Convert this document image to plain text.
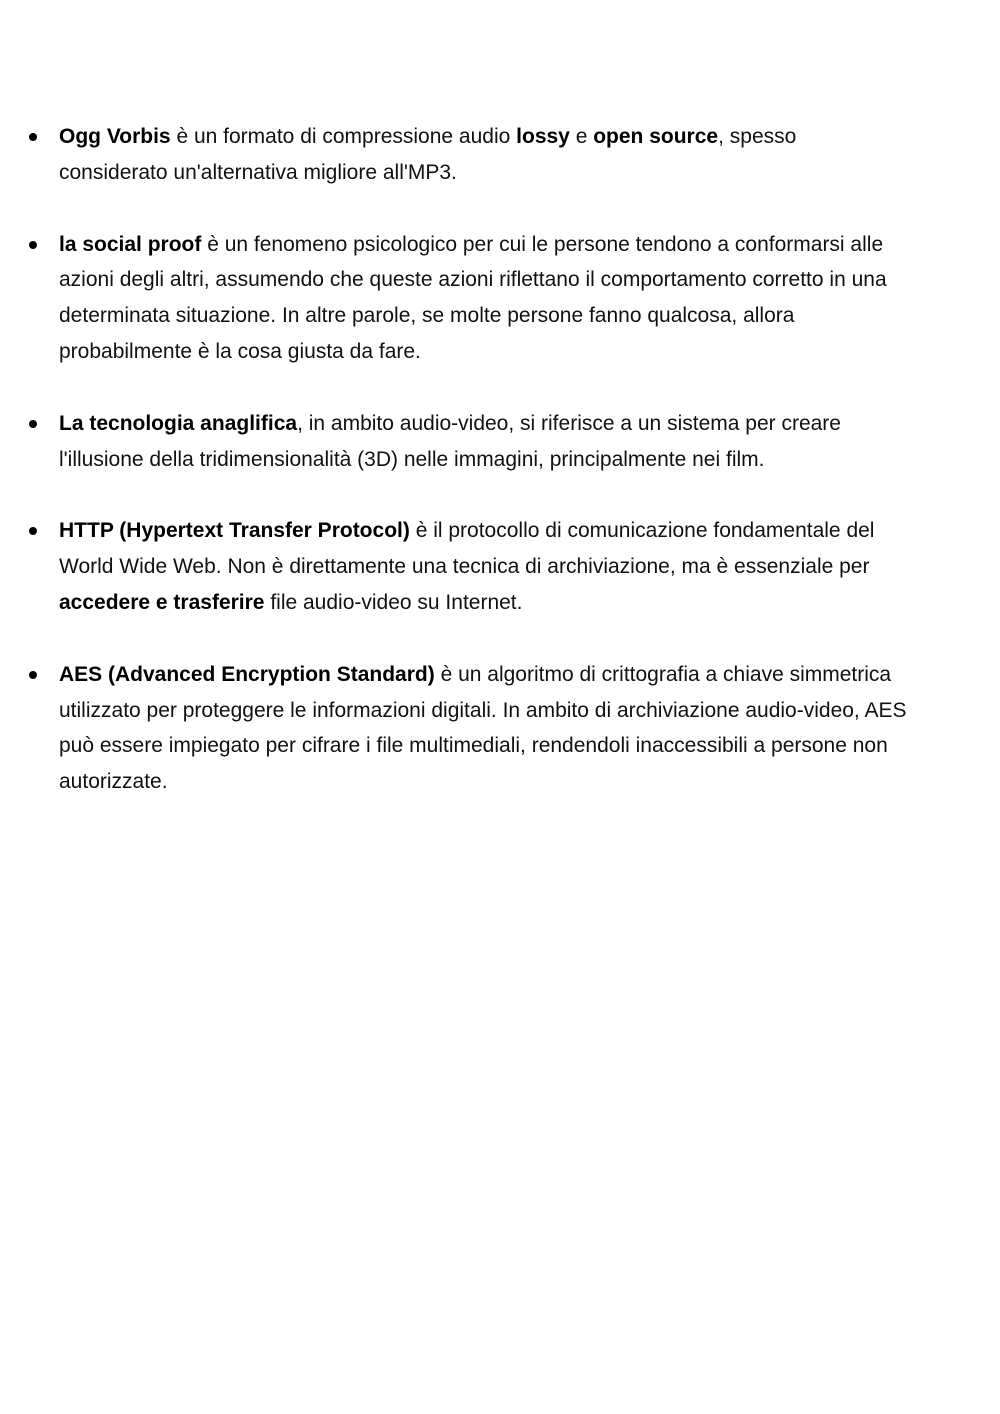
Ogg Vorbis è un formato di compressione audio lossy e open source, spesso considerato un'alternativa migliore all'MP3.
la social proof è un fenomeno psicologico per cui le persone tendono a conformarsi alle azioni degli altri, assumendo che queste azioni riflettano il comportamento corretto in una determinata situazione. In altre parole, se molte persone fanno qualcosa, allora probabilmente è la cosa giusta da fare.
La tecnologia anaglifica, in ambito audio-video, si riferisce a un sistema per creare l'illusione della tridimensionalità (3D) nelle immagini, principalmente nei film.
HTTP (Hypertext Transfer Protocol) è il protocollo di comunicazione fondamentale del World Wide Web. Non è direttamente una tecnica di archiviazione, ma è essenziale per accedere e trasferire file audio-video su Internet.
AES (Advanced Encryption Standard) è un algoritmo di crittografia a chiave simmetrica utilizzato per proteggere le informazioni digitali. In ambito di archiviazione audio-video, AES può essere impiegato per cifrare i file multimediali, rendendoli inaccessibili a persone non autorizzate.
